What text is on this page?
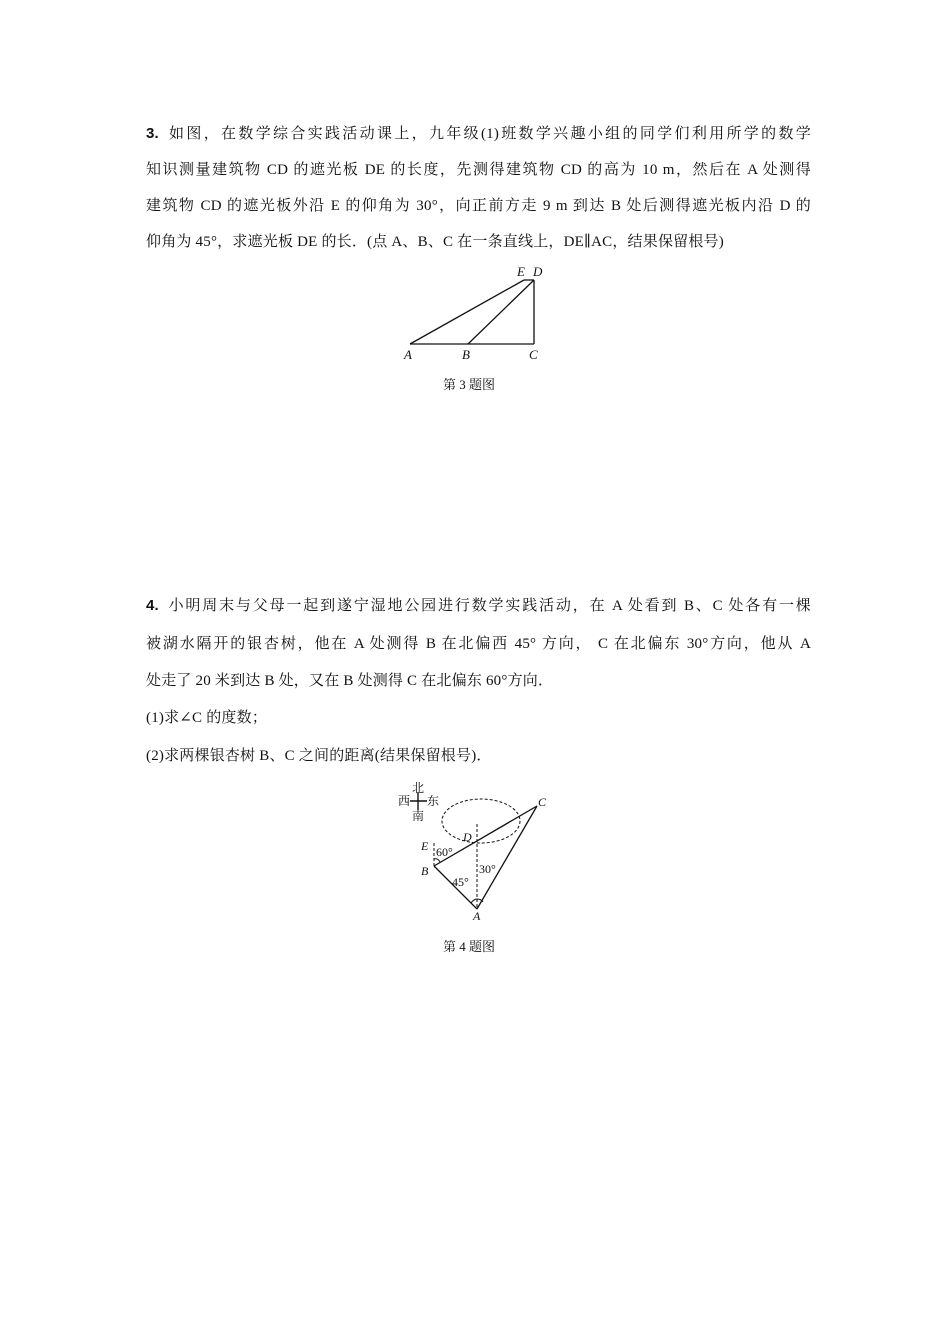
3. 如图，在数学综合实践活动课上，九年级(1)班数学兴趣小组的同学们利用所学的数学
知识测量建筑物 CD 的遮光板 DE 的长度，先测得建筑物 CD 的高为 10 m，然后在 A 处测得
建筑物 CD 的遮光板外沿 E 的仰角为 30°，向正前方走 9 m 到达 B 处后测得遮光板内沿 D 的
仰角为 45°，求遮光板 DE 的长．(点 A、B、C 在一条直线上，DE∥AC，结果保留根号)
A	B	C
E D
第 3 题图
4. 小明周末与父母一起到遂宁湿地公园进行数学实践活动，在 A 处看到 B、C 处各有一棵
被湖水隔开的银杏树，他在 A 处测得 B 在北偏西 45° 方向， C 在北偏东 30°方向，他从 A
处走了 20 米到达 B 处，又在 B 处测得 C 在北偏东 60°方向．
(1)求∠C 的度数；
(2)求两棵银杏树 B、C 之间的距离(结果保留根号)．
北
西 东
南
B
A
C
D
E 60°
45°
30°
第 4 题图
